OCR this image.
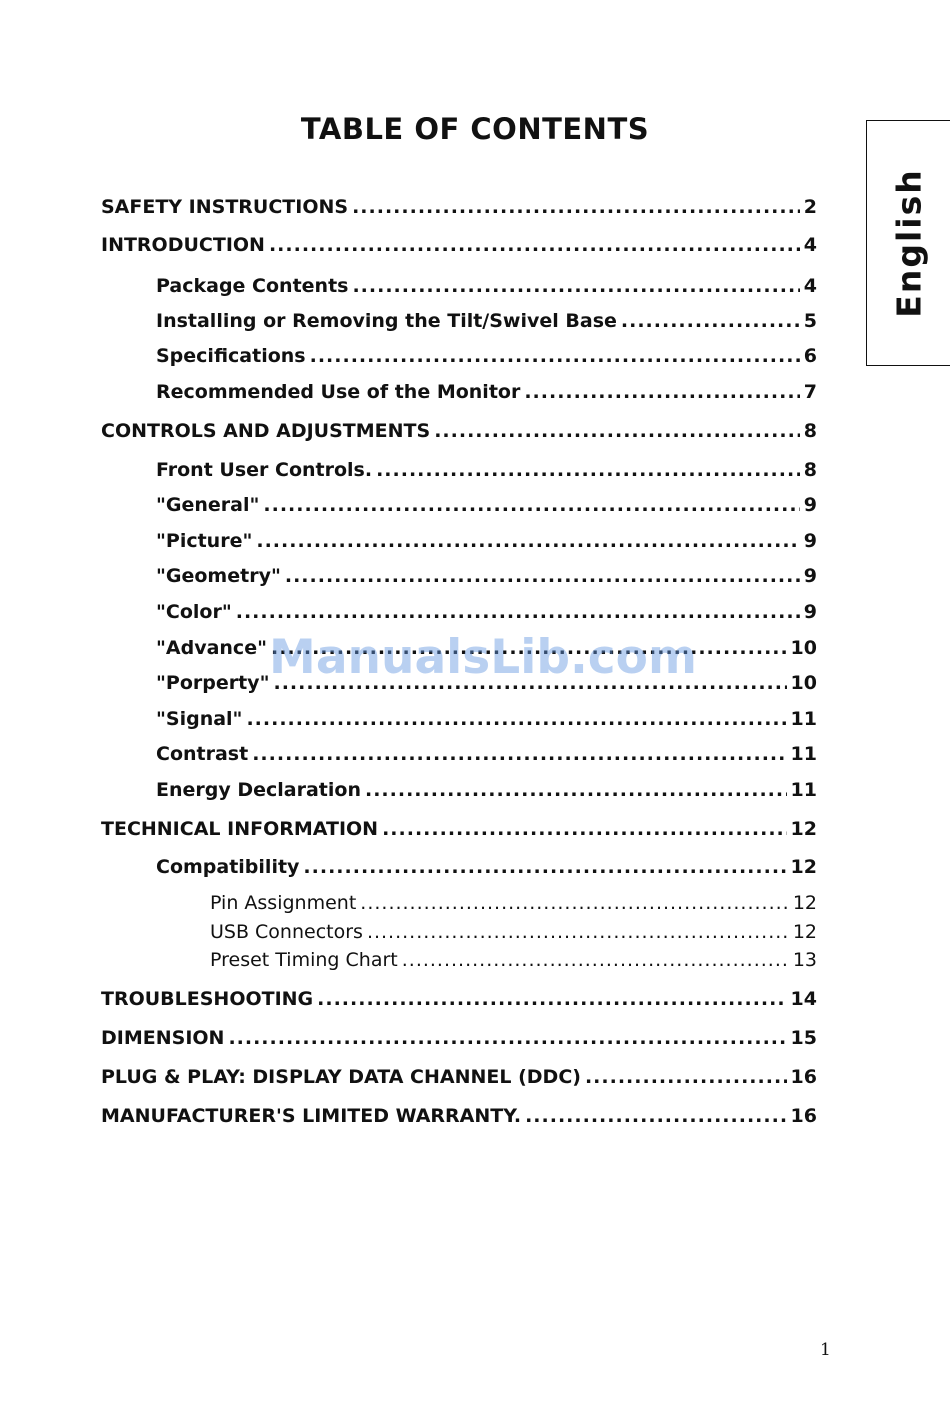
TABLE OF CONTENTS
English
SAFETY INSTRUCTIONS .....	2
INTRODUCTION .....	4
Package Contents .....	4
Installing or Removing the Tilt/Swivel Base .....	5
Specifications .....	6
Recommended Use of the Monitor .....	7
CONTROLS AND ADJUSTMENTS .....	8
Front User Controls. .....	8
"General" .....	9
"Picture" .....	9
"Geometry" .....	9
"Color" .....	9
"Advance" .....	10
"Porperty" .....	10
"Signal" .....	11
Contrast .....	11
Energy Declaration .....	11
TECHNICAL INFORMATION .....	12
Compatibility .....	12
Pin Assignment .....	12
USB Connectors .....	12
Preset Timing Chart .....	13
TROUBLESHOOTING .....	14
DIMENSION .....	15
PLUG & PLAY: DISPLAY DATA CHANNEL (DDC) .....	16
MANUFACTURER'S LIMITED WARRANTY. .....	16
ManualsLib.com
1
